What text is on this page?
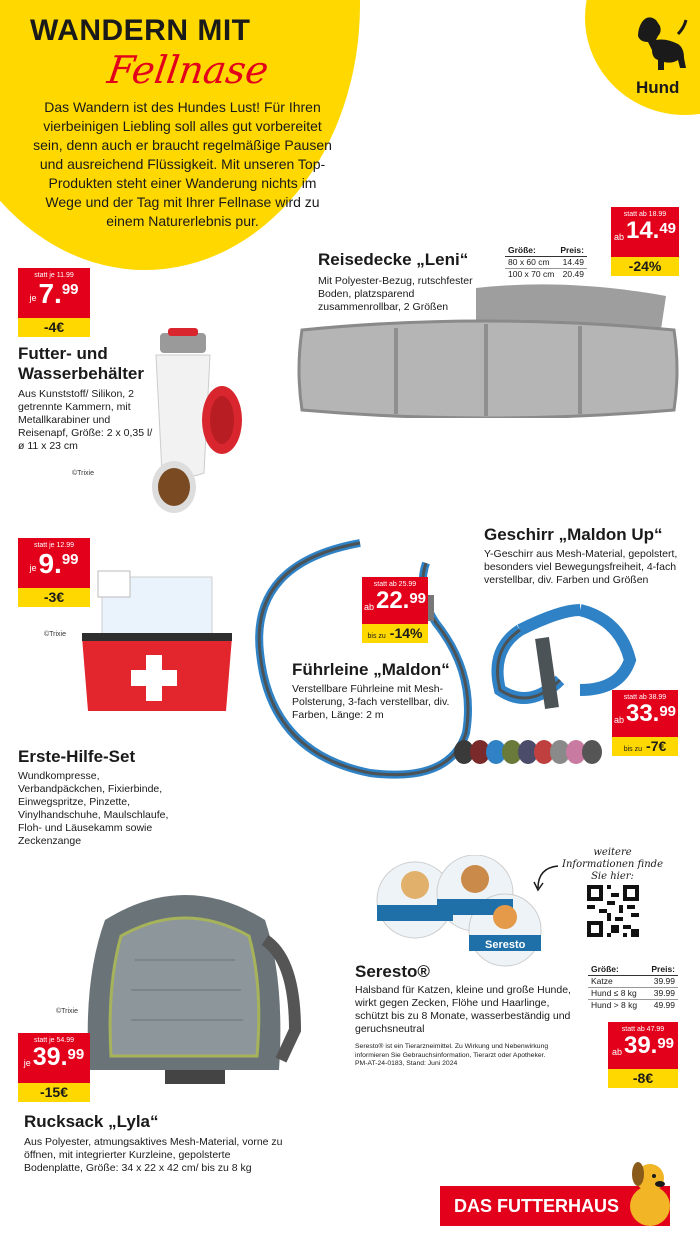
Hund
WANDERN MIT
Fellnase
Das Wandern ist des Hundes Lust! Für Ihren vierbeinigen Liebling soll alles gut vorbereitet sein, denn auch er braucht regelmäßige Pausen und ausreichend Flüssigkeit. Mit unseren Top-Produkten steht einer Wanderung nichts im Wege und der Tag mit Ihrer Fellnase wird zu einem Naturerlebnis pur.
statt je 11.99
je 7. 99
-4€
Futter- und
Wasserbehälter
Aus Kunststoff/ Silikon, 2 getrennte Kammern, mit Metallkarabiner und Reisenapf, Größe: 2 x 0,35 l/ ø 11 x 23 cm
©Trixie
Reisedecke „Leni“
Mit Polyester-Bezug, rutschfester Boden, platzsparend zusammenrollbar, 2 Größen
Größe:	Preis:
80 x 60 cm	14.49
100 x 70 cm	20.49
statt ab 18.99
ab 14. 49
-24%
statt je 12.99
je 9. 99
-3€
©Trixie
Erste-Hilfe-Set
Wundkompresse, Verbandpäckchen, Fixierbinde, Einwegspritze, Pinzette, Vinylhandschuhe, Maulschlaufe, Floh- und Läusekamm sowie Zeckenzange
statt ab 25.99
ab 22. 99
bis zu -14%
Führleine „Maldon“
Verstellbare Führleine mit Mesh-Polsterung, 3-fach verstellbar, div. Farben, Länge: 2 m
Geschirr „Maldon Up“
Y-Geschirr aus Mesh-Material, gepolstert, besonders viel Bewegungsfreiheit, 4-fach verstellbar, div. Farben und Größen
statt ab 38.99
ab 33. 99
bis zu -7€
Seresto
weitere Informationen finde Sie hier:
Seresto®
Halsband für Katzen, kleine und große Hunde, wirkt gegen Zecken, Flöhe und Haarlinge, schützt bis zu 8 Monate, wasserbeständig und geruchsneutral
Seresto® ist ein Tierarzneimittel. Zu Wirkung und Nebenwirkung informieren Sie Gebrauchsinformation, Tierarzt oder Apotheker.
PM-AT-24-0183, Stand: Juni 2024
Größe:	Preis:
Katze	39.99
Hund ≤ 8 kg	39.99
Hund > 8 kg	49.99
statt ab 47.99
ab 39. 99
-8€
©Trixie
statt je 54.99
je 39. 99
-15€
Rucksack „Lyla“
Aus Polyester, atmungsaktives Mesh-Material, vorne zu öffnen, mit integrierter Kurzleine, gepolsterte Bodenplatte, Größe: 34 x 22 x 42 cm/ bis zu 8 kg
DAS FUTTERHAUS
